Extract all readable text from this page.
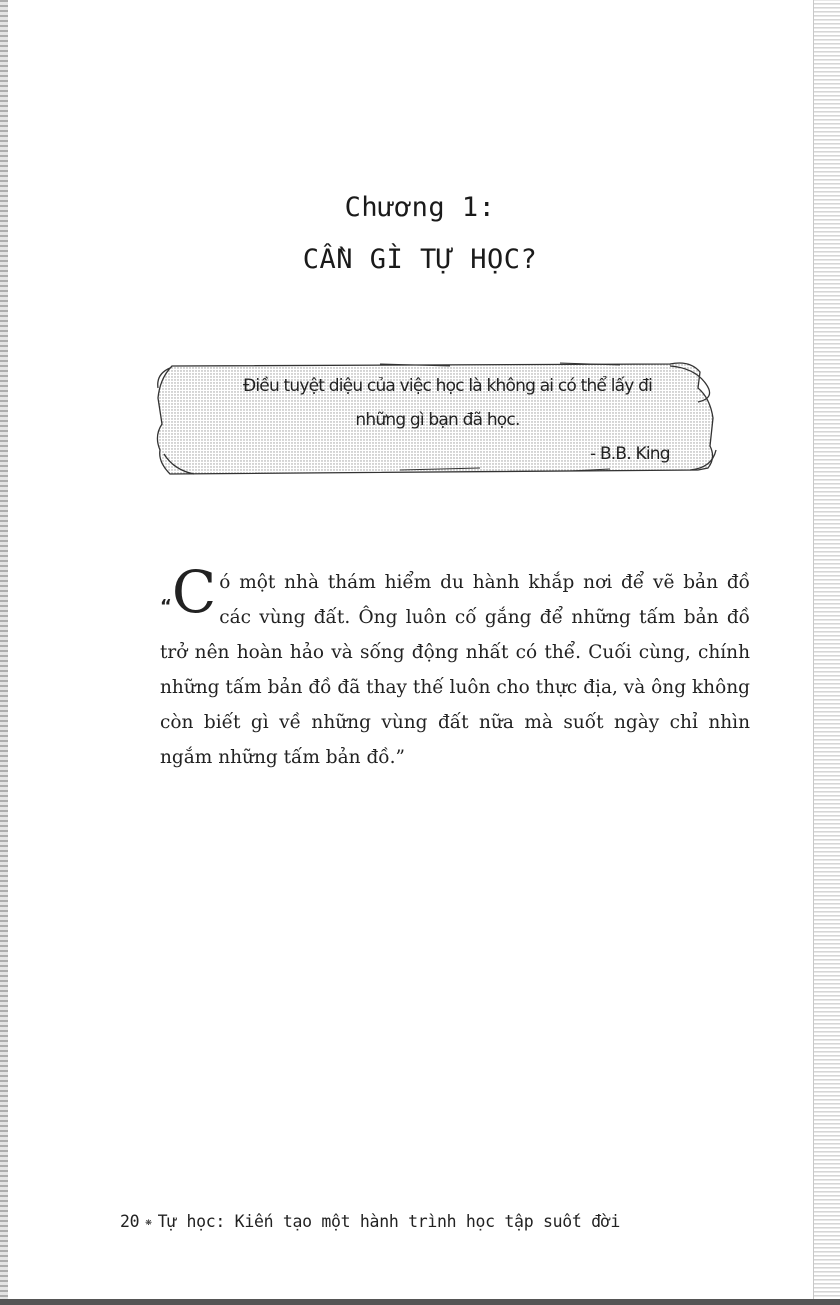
Chương 1:
CẦN GÌ TỰ HỌC?
Điều tuyệt diệu của việc học là không ai có thể lấy đi
những gì bạn đã học.
- B.B. King

“C ó một nhà thám hiểm du hành khắp nơi để vẽ bản đồ các vùng đất. Ông luôn cố gắng để những tấm bản đồ trở nên hoàn hảo và sống động nhất có thể. Cuối cùng, chính những tấm bản đồ đã thay thế luôn cho thực địa, và ông không còn biết gì về những vùng đất nữa mà suốt ngày chỉ nhìn ngắm những tấm bản đồ.”

20 ❋ Tự học: Kiến tạo một hành trình học tập suốt đời
